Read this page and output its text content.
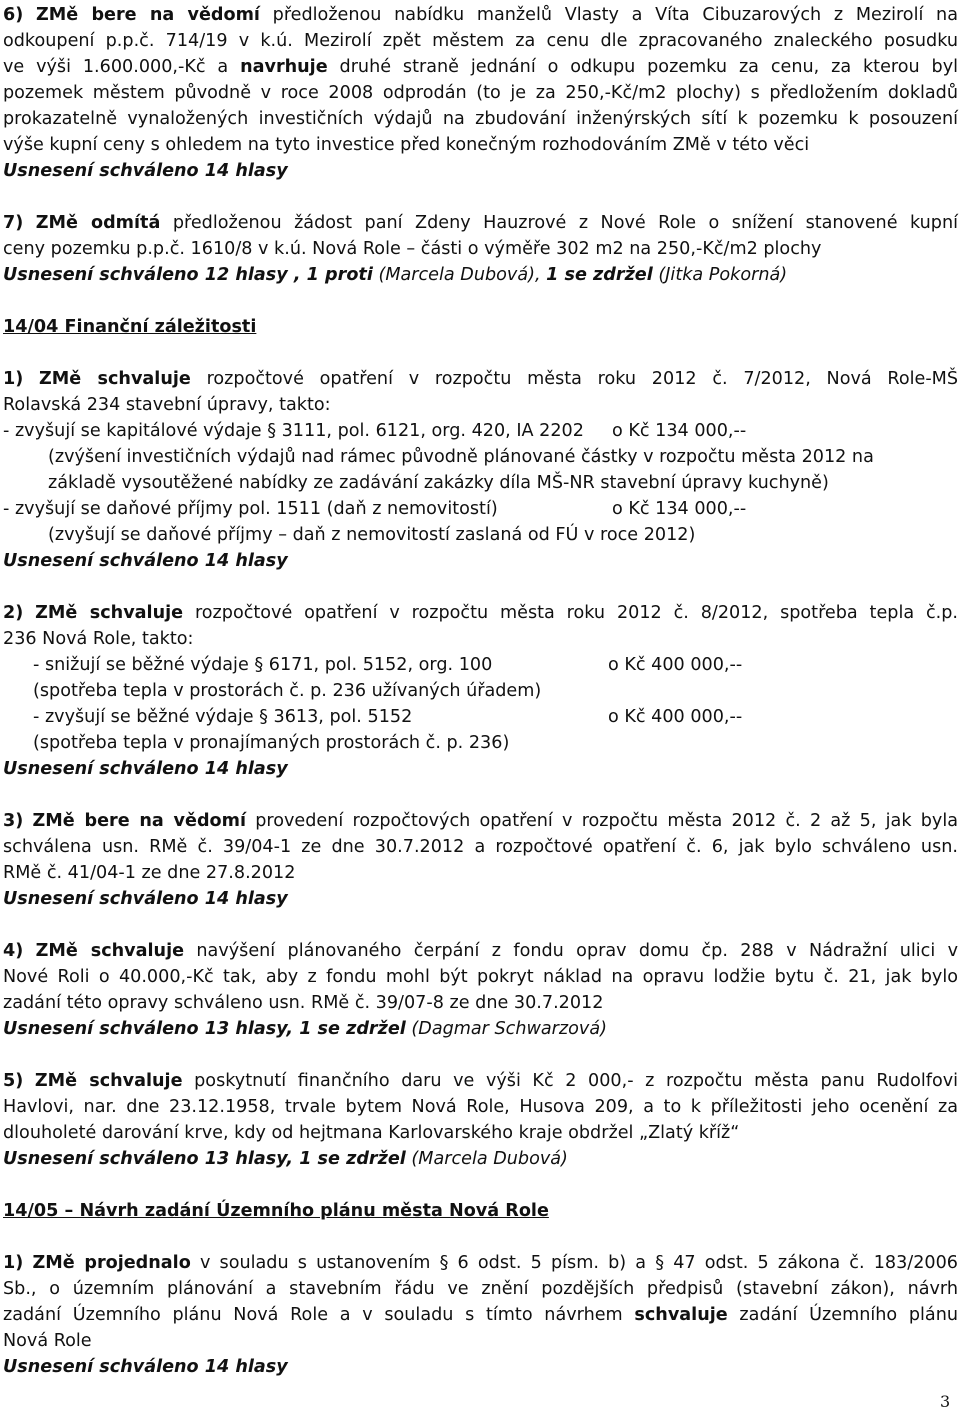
6) ZMě bere na vědomí předloženou nabídku manželů Vlasty a Víta Cibuzarových z Mezirolí na
odkoupení p.p.č. 714/19 v k.ú. Mezirolí zpět městem za cenu dle zpracovaného znaleckého posudku
ve výši 1.600.000,-Kč a navrhuje druhé straně jednání o odkupu pozemku za cenu, za kterou byl
pozemek městem původně v roce 2008 odprodán (to je za 250,-Kč/m2 plochy) s předložením dokladů
prokazatelně vynaložených investičních výdajů na zbudování inženýrských sítí k pozemku k posouzení
výše kupní ceny s ohledem na tyto investice před konečným rozhodováním ZMě v této věci
Usnesení schváleno 14 hlasy
7) ZMě odmítá předloženou žádost paní Zdeny Hauzrové z Nové Role o snížení stanovené kupní
ceny pozemku p.p.č. 1610/8 v k.ú. Nová Role – části o výměře 302 m2 na 250,-Kč/m2 plochy
Usnesení schváleno 12 hlasy , 1 proti (Marcela Dubová), 1 se zdržel (Jitka Pokorná)
14/04 Finanční záležitosti
1) ZMě schvaluje rozpočtové opatření v rozpočtu města roku 2012 č. 7/2012, Nová Role-MŠ
Rolavská 234 stavební úpravy, takto:
- zvyšují se kapitálové výdaje § 3111, pol. 6121, org. 420, IA 2202 o Kč 134 000,--
(zvýšení investičních výdajů nad rámec původně plánované částky v rozpočtu města 2012 na
základě vysoutěžené nabídky ze zadávání zakázky díla MŠ-NR stavební úpravy kuchyně)
- zvyšují se daňové příjmy pol. 1511 (daň z nemovitostí)	o Kč 134 000,--
(zvyšují se daňové příjmy – daň z nemovitostí zaslaná od FÚ v roce 2012)
Usnesení schváleno 14 hlasy
2) ZMě schvaluje rozpočtové opatření v rozpočtu města roku 2012 č. 8/2012, spotřeba tepla č.p.
236 Nová Role, takto:
- snižují se běžné výdaje § 6171, pol. 5152, org. 100	o Kč 400 000,--
(spotřeba tepla v prostorách č. p. 236 užívaných úřadem)
- zvyšují se běžné výdaje § 3613, pol. 5152	o Kč 400 000,--
(spotřeba tepla v pronajímaných prostorách č. p. 236)
Usnesení schváleno 14 hlasy
3) ZMě bere na vědomí provedení rozpočtových opatření v rozpočtu města 2012 č. 2 až 5, jak byla
schválena usn. RMě č. 39/04-1 ze dne 30.7.2012 a rozpočtové opatření č. 6, jak bylo schváleno usn.
RMě č. 41/04-1 ze dne 27.8.2012
Usnesení schváleno 14 hlasy
4) ZMě schvaluje navýšení plánovaného čerpání z fondu oprav domu čp. 288 v Nádražní ulici v
Nové Roli o 40.000,-Kč tak, aby z fondu mohl být pokryt náklad na opravu lodžie bytu č. 21, jak bylo
zadání této opravy schváleno usn. RMě č. 39/07-8 ze dne 30.7.2012
Usnesení schváleno 13 hlasy, 1 se zdržel (Dagmar Schwarzová)
5) ZMě schvaluje poskytnutí finančního daru ve výši Kč 2 000,- z rozpočtu města panu Rudolfovi
Havlovi, nar. dne 23.12.1958, trvale bytem Nová Role, Husova 209, a to k příležitosti jeho ocenění za
dlouholeté darování krve, kdy od hejtmana Karlovarského kraje obdržel „Zlatý kříž“
Usnesení schváleno 13 hlasy, 1 se zdržel (Marcela Dubová)
14/05 – Návrh zadání Územního plánu města Nová Role
1) ZMě projednalo v souladu s ustanovením § 6 odst. 5 písm. b) a § 47 odst. 5 zákona č. 183/2006
Sb., o územním plánování a stavebním řádu ve znění pozdějších předpisů (stavební zákon), návrh
zadání Územního plánu Nová Role a v souladu s tímto návrhem schvaluje zadání Územního plánu
Nová Role
Usnesení schváleno 14 hlasy
3
